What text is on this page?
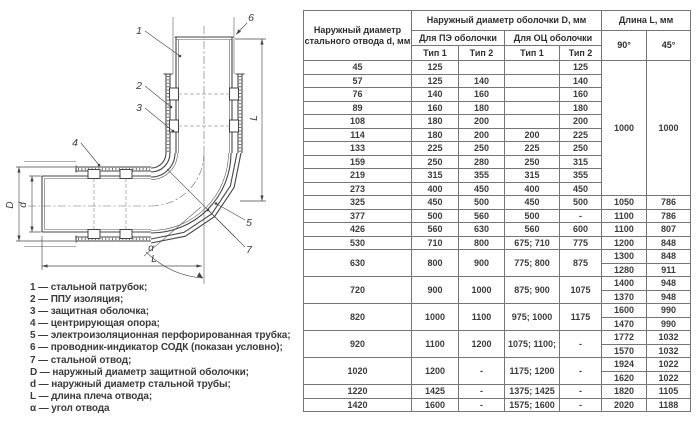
1
2
3
4
5
6
7
D d
L
L
α
1 — стальной патрубок;
2 — ППУ изоляция;
3 — защитная оболочка;
4 — центрирующая опора;
5 — электроизоляционная перфорированная трубка;
6 — проводник-индикатор СОДК (показан условно);
7 — стальной отвод;
D — наружный диаметр защитной оболочки;
d — наружный диаметр стальной трубы;
L — длина плеча отвода;
α — угол отвода
Наружный диаметр стального отвода d, мм	Наружный диаметр оболочки D, мм				Длина L, мм	
	Для ПЭ оболочки		Для ОЦ оболочки		90°	45°
	Тип 1	Тип 2	Тип 1	Тип 2		
45	125			125	1000	1000
57	125	140		140		
76	140	160		160		
89	160	180		180		
108	180	200		200		
114	180	200	200	225		
133	225	250	225	250		
159	250	280	250	315		
219	315	355	315	355		
273	400	450	400	450		
325	450	500	450	500	1050	786
377	500	560	500	-	1100	786
426	560	630	560	600	1100	807
530	710	800	675; 710	775	1200	848
630	800	900	775; 800	875	1300	848
					1280	911
720	900	1000	875; 900	1075	1400	948
					1370	948
820	1000	1100	975; 1000	1175	1600	990
					1470	990
920	1100	1200	1075; 1100;	-	1772	1032
					1570	1032
1020	1200	-	1175; 1200	-	1924	1022
					1620	1022
1220	1425	-	1375; 1425	-	1820	1105
1420	1600	-	1575; 1600	-	2020	1188
